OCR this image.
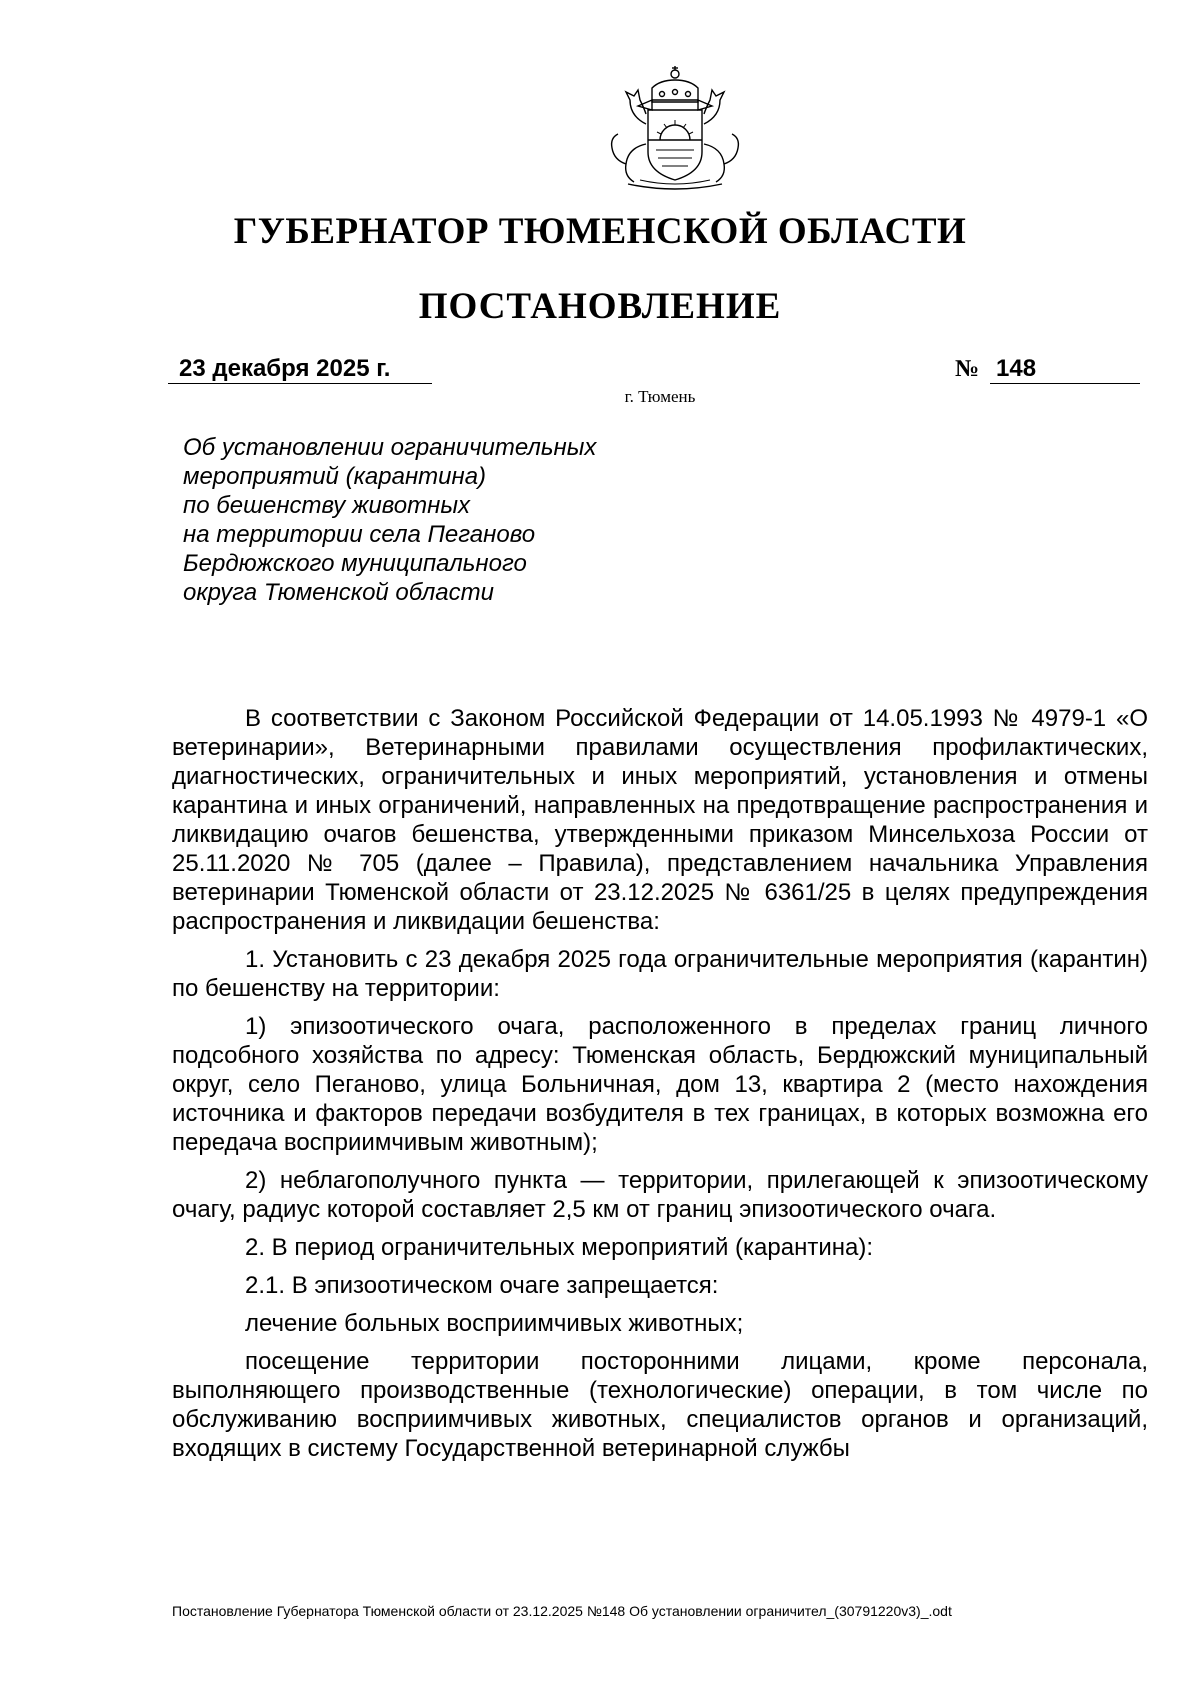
ГУБЕРНАТОР ТЮМЕНСКОЙ ОБЛАСТИ
ПОСТАНОВЛЕНИЕ
23 декабря 2025 г.	№ 148
г. Тюмень
Об установлении ограничительных
мероприятий (карантина)
по бешенству животных
на территории села Пеганово
Бердюжского муниципального
округа Тюменской области

В соответствии с Законом Российской Федерации от 14.05.1993 № 4979-1 «О ветеринарии», Ветеринарными правилами осуществления профилактических, диагностических, ограничительных и иных мероприятий, установления и отмены карантина и иных ограничений, направленных на предотвращение распространения и ликвидацию очагов бешенства, утвержденными приказом Минсельхоза России от 25.11.2020 № 705 (далее – Правила), представлением начальника Управления ветеринарии Тюменской области от 23.12.2025 № 6361/25 в целях предупреждения распространения и ликвидации бешенства:

1. Установить с 23 декабря 2025 года ограничительные мероприятия (карантин) по бешенству на территории:

1) эпизоотического очага, расположенного в пределах границ личного подсобного хозяйства по адресу: Тюменская область, Бердюжский муниципальный округ, село Пеганово, улица Больничная, дом 13, квартира 2 (место нахождения источника и факторов передачи возбудителя в тех границах, в которых возможна его передача восприимчивым животным);

2) неблагополучного пункта — территории, прилегающей к эпизоотическому очагу, радиус которой составляет 2,5 км от границ эпизоотического очага.

2. В период ограничительных мероприятий (карантина):

2.1. В эпизоотическом очаге запрещается:

лечение больных восприимчивых животных;

посещение территории посторонними лицами, кроме персонала, выполняющего производственные (технологические) операции, в том числе по обслуживанию восприимчивых животных, специалистов органов и организаций, входящих в систему Государственной ветеринарной службы

Постановление Губернатора Тюменской области от 23.12.2025 №148 Об установлении ограничител_(30791220v3)_.odt
